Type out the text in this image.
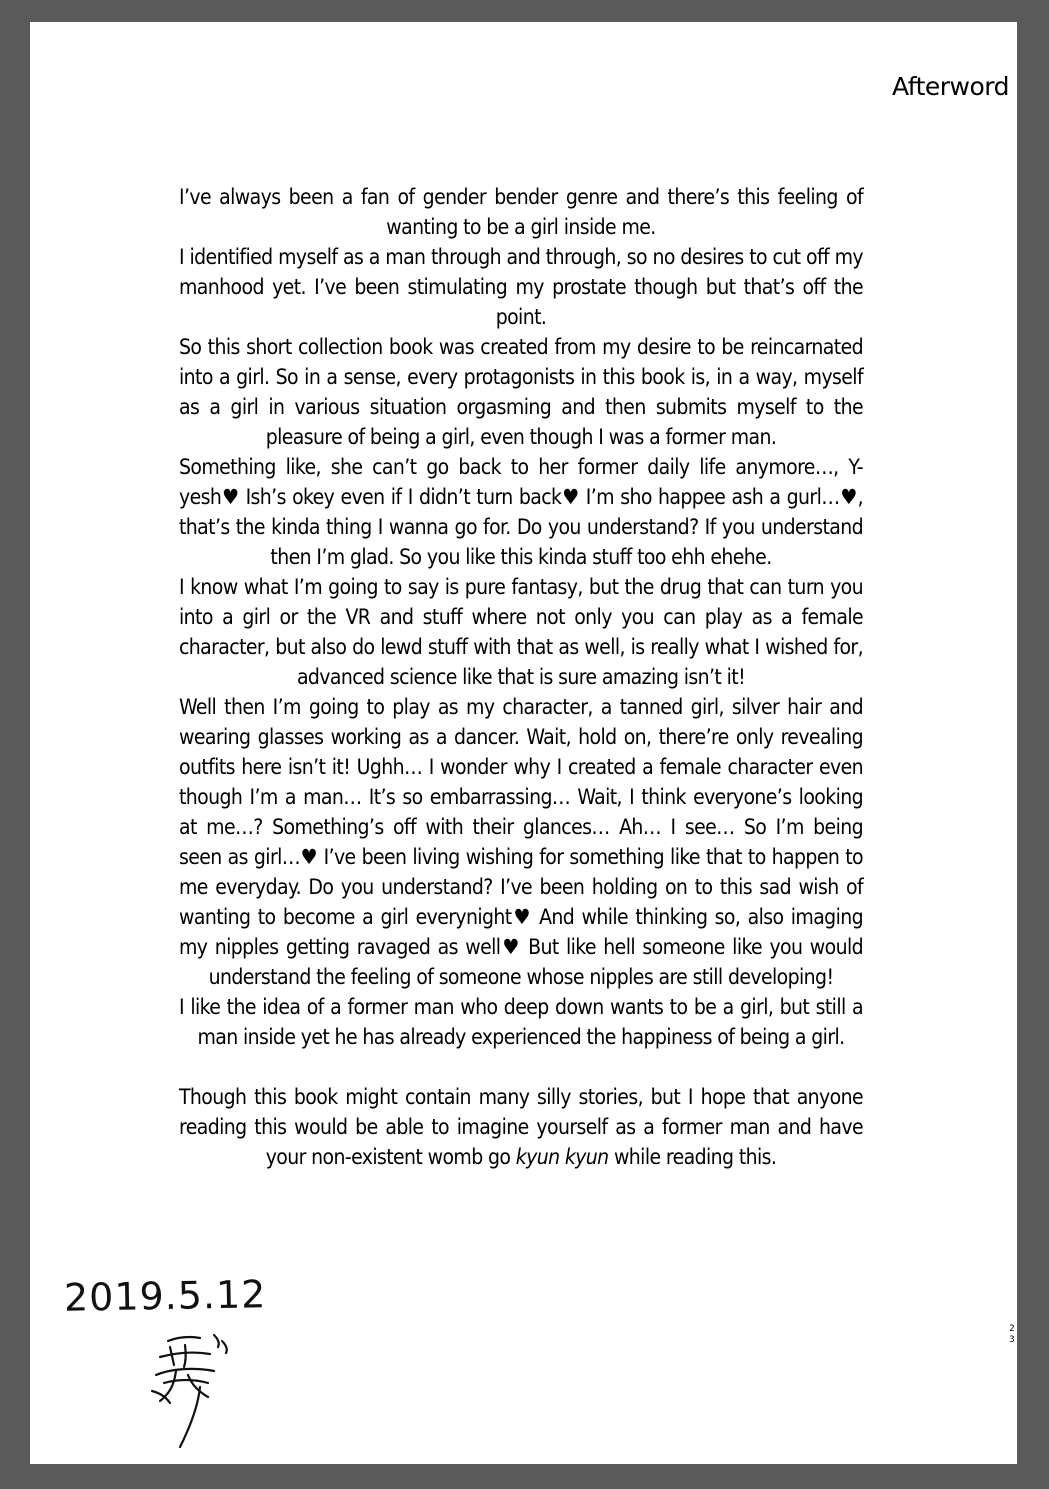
Afterword

I’ve always been a fan of gender bender genre and there’s this feeling of wanting to be a girl inside me.

I identified myself as a man through and through, so no desires to cut off my manhood yet. I’ve been stimulating my prostate though but that’s off the point.

So this short collection book was created from my desire to be reincarnated into a girl. So in a sense, every protagonists in this book is, in a way, myself as a girl in various situation orgasming and then submits myself to the pleasure of being a girl, even though I was a former man.

Something like, she can’t go back to her former daily life anymore…, Y-yesh♥ Ish’s okey even if I didn’t turn back♥ I’m sho happee ash a gurl…♥, that’s the kinda thing I wanna go for. Do you understand? If you understand then I’m glad. So you like this kinda stuff too ehh ehehe.

I know what I’m going to say is pure fantasy, but the drug that can turn you into a girl or the VR and stuff where not only you can play as a female character, but also do lewd stuff with that as well, is really what I wished for, advanced science like that is sure amazing isn’t it!

Well then I’m going to play as my character, a tanned girl, silver hair and wearing glasses working as a dancer. Wait, hold on, there’re only revealing outfits here isn’t it! Ughh… I wonder why I created a female character even though I’m a man… It’s so embarrassing… Wait, I think everyone’s looking at me…? Something’s off with their glances… Ah… I see… So I’m being seen as girl…♥ I’ve been living wishing for something like that to happen to me everyday. Do you understand? I’ve been holding on to this sad wish of wanting to become a girl everynight♥ And while thinking so, also imaging my nipples getting ravaged as well♥ But like hell someone like you would understand the feeling of someone whose nipples are still developing!

I like the idea of a former man who deep down wants to be a girl, but still a man inside yet he has already experienced the happiness of being a girl.

Though this book might contain many silly stories, but I hope that anyone reading this would be able to imagine yourself as a former man and have your non-existent womb go kyun kyun while reading this.

2019.5.12
2
3
